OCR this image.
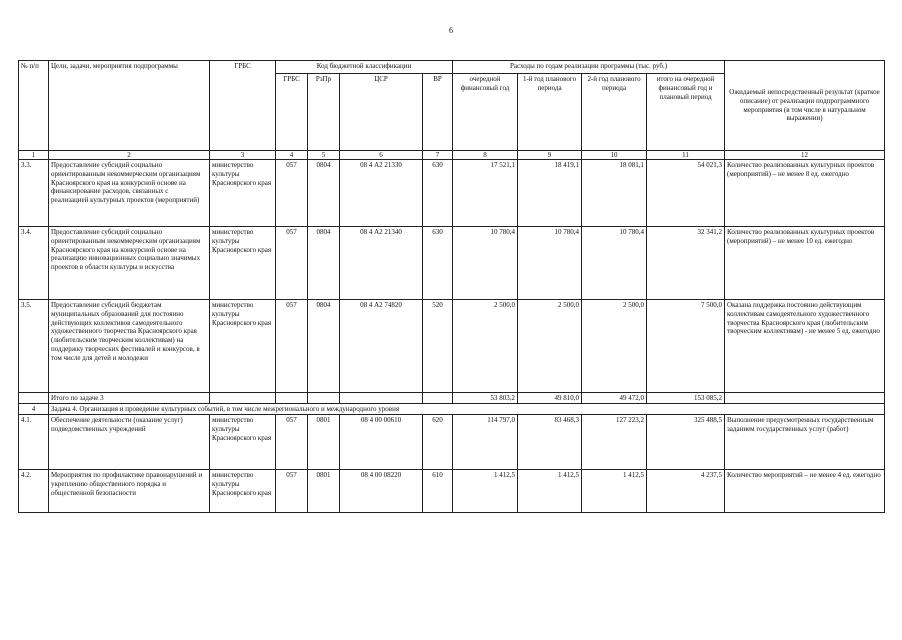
6
№ п/п	Цели, задачи, мероприятия подпрограммы	ГРБС	Код бюджетной классификации				Расходы по годам реализации программы (тыс. руб.)				Ожидаемый непосредственный результат (краткое описание) от реализации подпрограммного мероприятия (в том числе в натуральном выражении)
			ГРБС	РзПр	ЦСР	ВР	очередной финансовый год	1-й год планового периода	2-й год планового периода	итого на очередной финансовый год и плановый период	
1	2	3	4	5	6	7	8	9	10	11	12
3.3.	Предоставление субсидий социально ориентированным некоммерческим организациям Красноярского края на конкурсной основе на финансирование расходов, связанных с реализацией культурных проектов (мероприятий)	министерство культуры Красноярского края	057	0804	08 4 А2 21330	630	17 521,1	18 419,1	18 081,1	54 021,3	Количество реализованных культурных проектов (мероприятий) – не менее 8 ед. ежегодно
3.4.	Предоставление субсидий социально ориентированным некоммерческим организациям Красноярского края на конкурсной основе на реализацию инновационных социально значимых проектов в области культуры и искусства	министерство культуры Красноярского края	057	0804	08 4 А2 21340	630	10 780,4	10 780,4	10 780,4	32 341,2	Количество реализованных культурных проектов (мероприятий) – не менее 10 ед. ежегодно
3.5.	Предоставление субсидий бюджетам муниципальных образований для постоянно действующих коллективов самодеятельного художественного творчества Красноярского края (любительским творческим коллективам) на поддержку творческих фестивалей и конкурсов, в том числе для детей и молодежи	министерство культуры Красноярского края	057	0804	08 4 А2 74820	520	2 500,0	2 500,0	2 500,0	7 500,0	Оказана поддержка постоянно действующим коллективам самодеятельного художественного творчества Красноярского края (любительским творческим коллективам) - не менее 5 ед. ежегодно
	Итого по задаче 3						53 803,2	49 810,0	49 472,0	153 085,2	
4	Задача 4. Организация и проведение культурных событий, в том числе межрегионального и международного уровня										
4.1.	Обеспечение деятельности (оказание услуг) подведомственных учреждений	министерство культуры Красноярского края	057	0801	08 4 00 00610	620	114 797,0	83 468,3	127 223,2	325 488,5	Выполнение предусмотренных государственным заданием государственных услуг (работ)
4.2.	Мероприятия по профилактике правонарушений и укреплению общественного порядка и общественной безопасности	министерство культуры Красноярского края	057	0801	08 4 00 08220	610	1 412,5	1 412,5	1 412,5	4 237,5	Количество мероприятий – не менее 4 ед. ежегодно
